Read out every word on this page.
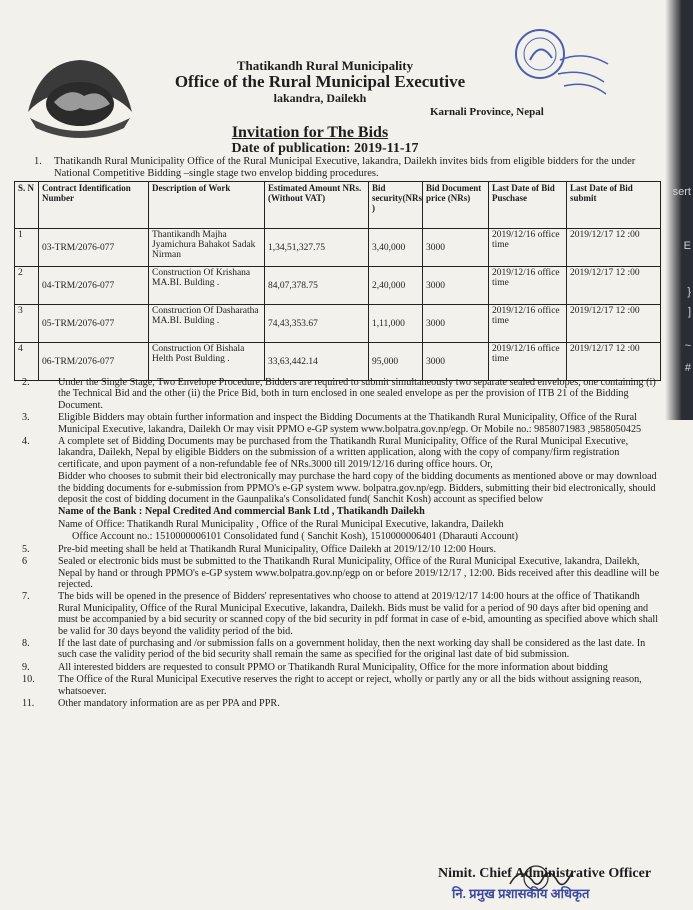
sert
E
}
]
~
#
Thatikandh Rural Municipality
Office of the Rural Municipal Executive
lakandra, Dailekh
Karnali Province, Nepal
Invitation for The Bids
Date of publication: 2019-11-17
1.	Thatikandh Rural Municipality Office of the Rural Municipal Executive, lakandra, Dailekh invites bids from eligible bidders for the under National Competitive Bidding –single stage two envelop bidding procedures.
S. N	Contract Identification Number	Description of Work	Estimated Amount NRs. (Without VAT)	Bid security(NRs )	Bid Document price (NRs)	Last Date of Bid Puschase	Last Date of Bid submit
1	03-TRM/2076-077	Thantikandh Majha Jyamichura Bahakot Sadak Nirman	1,34,51,327.75	3,40,000	3000	2019/12/16 office time	2019/12/17 12 :00
2	04-TRM/2076-077	Construction Of Krishana MA.BI. Bulding .	84,07,378.75	2,40,000	3000	2019/12/16 office time	2019/12/17 12 :00
3	05-TRM/2076-077	Construction Of Dasharatha MA.BI. Bulding .	74,43,353.67	1,11,000	3000	2019/12/16 office time	2019/12/17 12 :00
4	06-TRM/2076-077	Construction Of Bishala Helth Post Bulding .	33,63,442.14	95,000	3000	2019/12/16 office time	2019/12/17 12 :00
2.	Under the Single Stage, Two Envelope Procedure, Bidders are required to submit simultaneously two separate sealed envelopes, one containing (i) the Technical Bid and the other (ii) the Price Bid, both in turn enclosed in one sealed envelope as per the provision of ITB 21 of the Bidding Document.

3.	Eligible Bidders may obtain further information and inspect the Bidding Documents at the Thatikandh Rural Municipality, Office of the Rural Municipal Executive, lakandra, Dailekh Or may visit PPMO e-GP system www.bolpatra.gov.np/egp. Or Mobile no.: 9858071983 ,9858050425

4.	A complete set of Bidding Documents may be purchased from the Thatikandh Rural Municipality, Office of the Rural Municipal Executive, lakandra, Dailekh, Nepal by eligible Bidders on the submission of a written application, along with the copy of company/firm registration certificate, and upon payment of a non-refundable fee of NRs.3000 till 2019/12/16 during office hours. Or,

Bidder who chooses to submit their bid electronically may purchase the hard copy of the bidding documents as mentioned above or may download the bidding documents for e-submission from PPMO's e-GP system www. bolpatra.gov.np/egp. Bidders, submitting their bid electronically, should deposit the cost of bidding document in the Gaunpalika's Consolidated fund( Sanchit Kosh) account as specified below

Name of the Bank : Nepal Credited And commercial Bank Ltd , Thatikandh Dailekh

Name of Office: Thatikandh Rural Municipality , Office of the Rural Municipal Executive, lakandra, Dailekh

Office Account no.: 1510000006101 Consolidated fund ( Sanchit Kosh), 1510000006401 (Dharauti Account)

5.	Pre-bid meeting shall be held at Thatikandh Rural Municipality, Office Dailekh at 2019/12/10 12:00 Hours.

6	Sealed or electronic bids must be submitted to the Thatikandh Rural Municipality, Office of the Rural Municipal Executive, lakandra, Dailekh, Nepal by hand or through PPMO's e-GP system www.bolpatra.gov.np/egp on or before 2019/12/17 , 12:00. Bids received after this deadline will be rejected.

7.	The bids will be opened in the presence of Bidders' representatives who choose to attend at 2019/12/17 14:00 hours at the office of Thatikandh Rural Municipality, Office of the Rural Municipal Executive, lakandra, Dailekh. Bids must be valid for a period of 90 days after bid opening and must be accompanied by a bid security or scanned copy of the bid security in pdf format in case of e-bid, amounting as specified above which shall be valid for 30 days beyond the validity period of the bid.

8.	If the last date of purchasing and /or submission falls on a government holiday, then the next working day shall be considered as the last date. In such case the validity period of the bid security shall remain the same as specified for the original last date of bid submission.

9.	All interested bidders are requested to consult PPMO or Thatikandh Rural Municipality, Office for the more information about bidding

10. The Office of the Rural Municipal Executive reserves the right to accept or reject, wholly or partly any or all the bids without assigning reason, whatsoever.

11. Other mandatory information are as per PPA and PPR.

Nimit. Chief Administrative Officer
नि. प्रमुख प्रशासकीय अधिकृत
